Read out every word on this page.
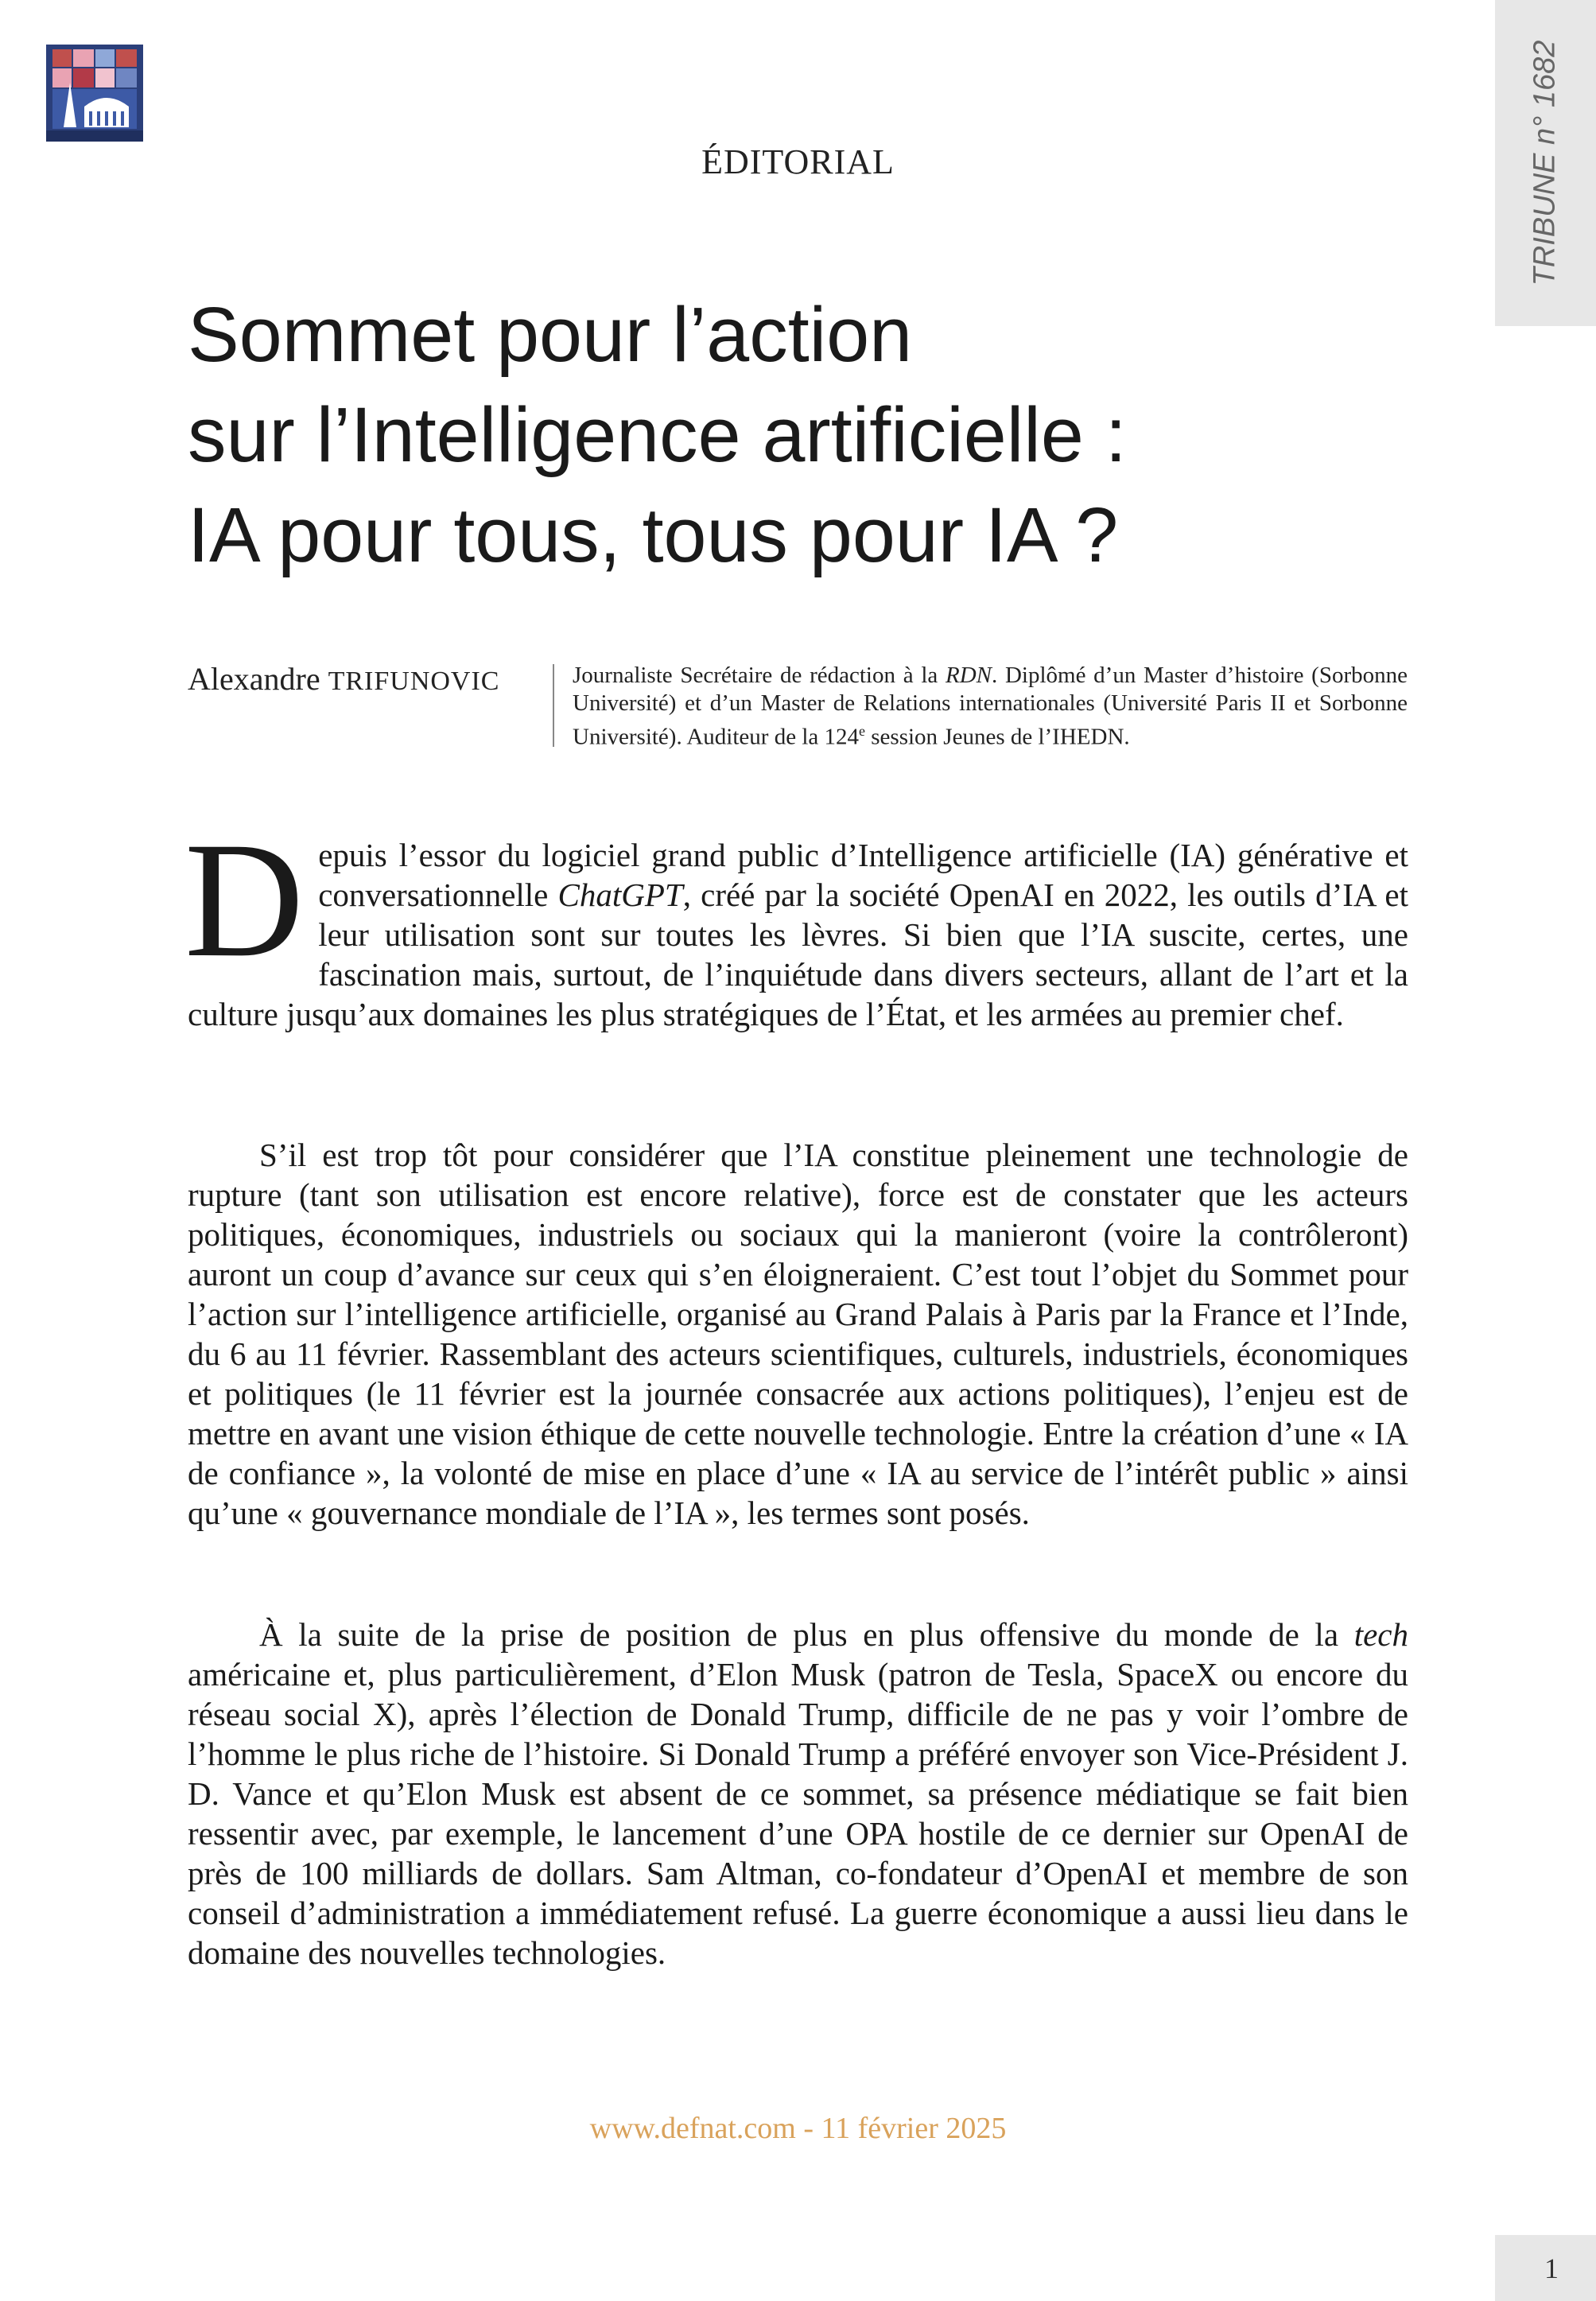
TRIBUNE n° 1682
ÉDITORIAL
Sommet pour l’action
sur l’Intelligence artificielle :
IA pour tous, tous pour IA ?
Alexandre TRIFUNOVIC	Journaliste Secrétaire de rédaction à la RDN. Diplômé d’un Master d’histoire (Sorbonne Université) et d’un Master de Relations internationales (Université Paris II et Sorbonne Université). Auditeur de la 124e session Jeunes de l’IHEDN.
Depuis l’essor du logiciel grand public d’Intelligence artificielle (IA) générative et conversationnelle ChatGPT, créé par la société OpenAI en 2022, les outils d’IA et leur utilisation sont sur toutes les lèvres. Si bien que l’IA suscite, certes, une fascination mais, surtout, de l’inquiétude dans divers secteurs, allant de l’art et la culture jusqu’aux domaines les plus stratégiques de l’État, et les armées au premier chef.
S’il est trop tôt pour considérer que l’IA constitue pleinement une technologie de rupture (tant son utilisation est encore relative), force est de constater que les acteurs politiques, économiques, industriels ou sociaux qui la manieront (voire la contrôleront) auront un coup d’avance sur ceux qui s’en éloigneraient. C’est tout l’objet du Sommet pour l’action sur l’intelligence artificielle, organisé au Grand Palais à Paris par la France et l’Inde, du 6 au 11 février. Rassemblant des acteurs scientifiques, culturels, industriels, économiques et politiques (le 11 février est la journée consacrée aux actions politiques), l’enjeu est de mettre en avant une vision éthique de cette nouvelle technologie. Entre la création d’une « IA de confiance », la volonté de mise en place d’une « IA au service de l’intérêt public » ainsi qu’une « gouvernance mondiale de l’IA », les termes sont posés.
À la suite de la prise de position de plus en plus offensive du monde de la tech américaine et, plus particulièrement, d’Elon Musk (patron de Tesla, SpaceX ou encore du réseau social X), après l’élection de Donald Trump, difficile de ne pas y voir l’ombre de l’homme le plus riche de l’histoire. Si Donald Trump a préféré envoyer son Vice-Président J. D. Vance et qu’Elon Musk est absent de ce sommet, sa présence médiatique se fait bien ressentir avec, par exemple, le lancement d’une OPA hostile de ce dernier sur OpenAI de près de 100 milliards de dollars. Sam Altman, co-fondateur d’OpenAI et membre de son conseil d’administration a immédiatement refusé. La guerre économique a aussi lieu dans le domaine des nouvelles technologies.
www.defnat.com - 11 février 2025
1
